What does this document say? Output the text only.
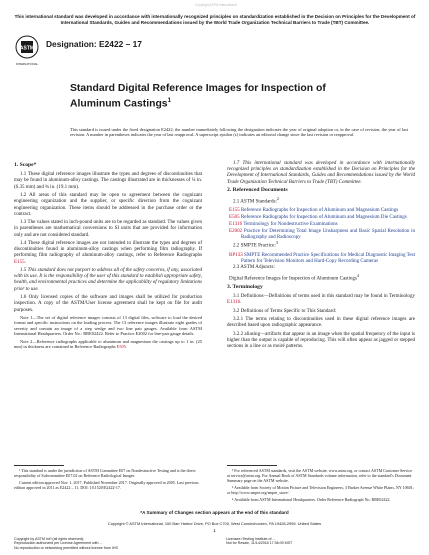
Copyright ASTM International
This international standard was developed in accordance with internationally recognized principles on standardization established in the Decision on Principles for the Development of International Standards, Guides and Recommendations issued by the World Trade Organization Technical Barriers to Trade (TBT) Committee.
ASTM
INTERNATIONAL
Designation: E2422 – 17
Standard Digital Reference Images for Inspection of Aluminum Castings$^1$
This standard is issued under the fixed designation E2422; the number immediately following the designation indicates the year of original adoption or, in the case of revision, the year of last revision. A number in parentheses indicates the year of last reapproval. A superscript epsilon (ε) indicates an editorial change since the last revision or reapproval.
1. Scope*

1.1 These digital reference images illustrate the types and degrees of discontinuities that may be found in aluminum-alloy castings. The castings illustrated are in thicknesses of ¼ in. (6.35 mm) and ¾ in. (19.1 mm).

1.2 All areas of this standard may be open to agreement between the cognizant engineering organization and the supplier, or specific direction from the cognizant engineering organization. These items should be addressed in the purchase order or the contract.

1.3 The values stated in inch-pound units are to be regarded as standard. The values given in parentheses are mathematical conversions to SI units that are provided for information only and are not considered standard.

1.4 These digital reference images are not intended to illustrate the types and degrees of discontinuities found in aluminum-alloy castings when performing film radiography. If performing film radiography of aluminum-alloy castings, refer to Reference Radiographs E155.

1.5 This standard does not purport to address all of the safety concerns, if any, associated with its use. It is the responsibility of the user of this standard to establish appropriate safety, health, and environmental practices and determine the applicability of regulatory limitations prior to use.

1.6 Only licensed copies of the software and images shall be utilized for production inspection. A copy of the ASTM/User license agreement shall be kept on file for audit purposes.

Note 1—The set of digital reference images consists of 13 digital files, software to load the desired format and specific instructions on the loading process. The 13 reference images illustrate eight grades of severity and contain an image of a step wedge and two line pair gauges. Available from ASTM International Headquarters. Order No.: RRE02422. Refer to Practice E2002 for line-pair gauge details.

Note 2—Reference radiographs applicable to aluminum and magnesium die castings up to 1 in. (25 mm) in thickness are contained in Reference Radiographs E505.

1.7 This international standard was developed in accordance with internationally recognized principles on standardization established in the Decision on Principles for the Development of International Standards, Guides and Recommendations issued by the World Trade Organization Technical Barriers to Trade (TBT) Committee.

2. Referenced Documents

2.1 ASTM Standards:$^2$

E155 Reference Radiographs for Inspection of Aluminum and Magnesium Castings
E505 Reference Radiographs for Inspection of Aluminum and Magnesium Die Castings
E1316 Terminology for Nondestructive Examinations
E2002 Practice for Determining Total Image Unsharpness and Basic Spatial Resolution in Radiography and Radioscopy

2.2 SMPTE Practice:$^3$

RP133 SMPTE Recommended Practice Specifications for Medical Diagnostic Imaging Test Pattern for Television Monitors and Hard-Copy Recording Cameras

2.3 ASTM Adjuncts:

Digital Reference Images for Inspection of Aluminum Castings$^4$
3. Terminology

3.1 Definitions—Definitions of terms used in this standard may be found in Terminology E1316.

3.2 Definitions of Terms Specific to This Standard:

3.2.1 The terms relating to discontinuities used in these digital reference images are described based upon radiographic appearance.

3.2.2 aliasing—artifacts that appear in an image when the spatial frequency of the input is higher than the output is capable of reproducing. This will often appear as jagged or stepped sections in a line or as moiré patterns.

¹ This standard is under the jurisdiction of ASTM Committee E07 on Nondestructive Testing and is the direct responsibility of Subcommittee E07.02 on Reference Radiological Images.

Current edition approved Nov. 1, 2017. Published November 2017. Originally approved in 2005. Last previous edition approved in 2011 as E2422 – 11. DOI: 10.1520/E2422-17.

² For referenced ASTM standards, visit the ASTM website, www.astm.org, or contact ASTM Customer Service at service@astm.org. For Annual Book of ASTM Standards volume information, refer to the standard's Document Summary page on the ASTM website.

³ Available from Society of Motion Picture and Television Engineers, 3 Barker Avenue White Plains, NY 10601; or http://www.smpte.org/smpte_store/.

⁴ Available from ASTM International Headquarters. Order Reference Radiograph No. RRE02422.

*A Summary of Changes section appears at the end of this standard
Copyright © ASTM International, 100 Barr Harbor Drive, PO Box C700, West Conshohocken, PA 19428-2959. United States
1
Copyright by ASTM Int'l (all rights reserved);
Reproduction authorized per License Agreement with ...
No reproduction or networking permitted without license from IHS
Licensee=Testing Institute of ...
Not for Resale, 11/14/2018 17:36:09 MST
